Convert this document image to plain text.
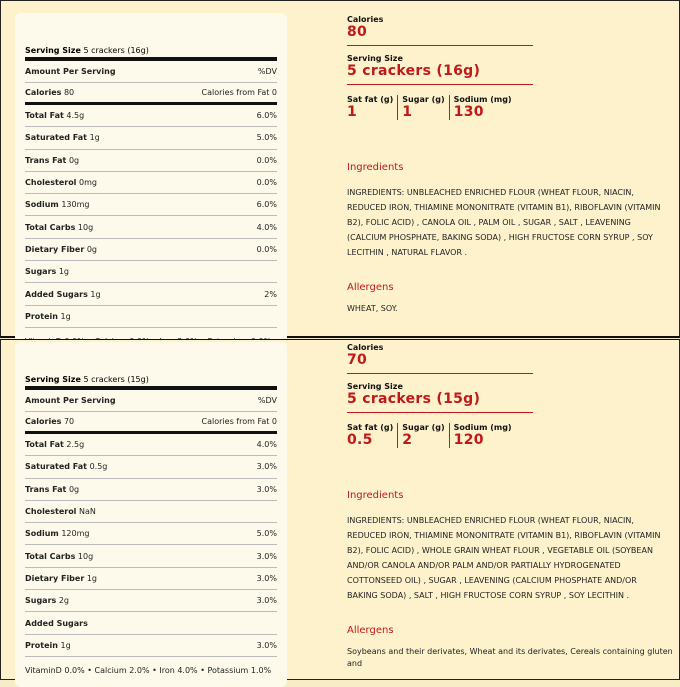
Serving Size
5 crackers (16g)
Amount Per Serving	%DV
Calories 80	Calories from Fat 0
Total Fat 4.5g	6.0%
Saturated Fat 1g	5.0%
Trans Fat 0g	0.0%
Cholesterol 0mg	0.0%
Sodium 130mg	6.0%
Total Carbs 10g	4.0%
Dietary Fiber 0g	0.0%
Sugars 1g
Added Sugars 1g	2%
Protein 1g
Calories
80
Serving Size
5 crackers (16g)
Sat fat (g)
1
Sugar (g)
1
Sodium (mg)
130
Ingredients
INGREDIENTS: UNBLEACHED ENRICHED FLOUR (WHEAT FLOUR, NIACIN, REDUCED IRON, THIAMINE MONONITRATE (VITAMIN B1), RIBOFLAVIN (VITAMIN B2), FOLIC ACID) , CANOLA OIL , PALM OIL , SUGAR , SALT , LEAVENING (CALCIUM PHOSPHATE, BAKING SODA) , HIGH FRUCTOSE CORN SYRUP , SOY LECITHIN , NATURAL FLAVOR .
Allergens
WHEAT, SOY.
Serving Size
5 crackers (15g)
Amount Per Serving	%DV
Calories 70	Calories from Fat 0
Total Fat 2.5g	4.0%
Saturated Fat 0.5g	3.0%
Trans Fat 0g	3.0%
Cholesterol NaN
Sodium 120mg	5.0%
Total Carbs 10g	3.0%
Dietary Fiber 1g	3.0%
Sugars 2g	3.0%
Added Sugars
Protein 1g	3.0%
VitaminD 0.0% • Calcium 2.0% • Iron 4.0% • Potassium 1.0%
Calories
70
Serving Size
5 crackers (15g)
Sat fat (g)
0.5
Sugar (g)
2
Sodium (mg)
120
Ingredients
INGREDIENTS: UNBLEACHED ENRICHED FLOUR (WHEAT FLOUR, NIACIN, REDUCED IRON, THIAMINE MONONITRATE (VITAMIN B1), RIBOFLAVIN (VITAMIN B2), FOLIC ACID) , WHOLE GRAIN WHEAT FLOUR , VEGETABLE OIL (SOYBEAN AND/OR CANOLA AND/OR PALM AND/OR PARTIALLY HYDROGENATED COTTONSEED OIL) , SUGAR , LEAVENING (CALCIUM PHOSPHATE AND/OR BAKING SODA) , SALT , HIGH FRUCTOSE CORN SYRUP , SOY LECITHIN .
Allergens
Soybeans and their derivates, Wheat and its derivates, Cereals containing gluten and
